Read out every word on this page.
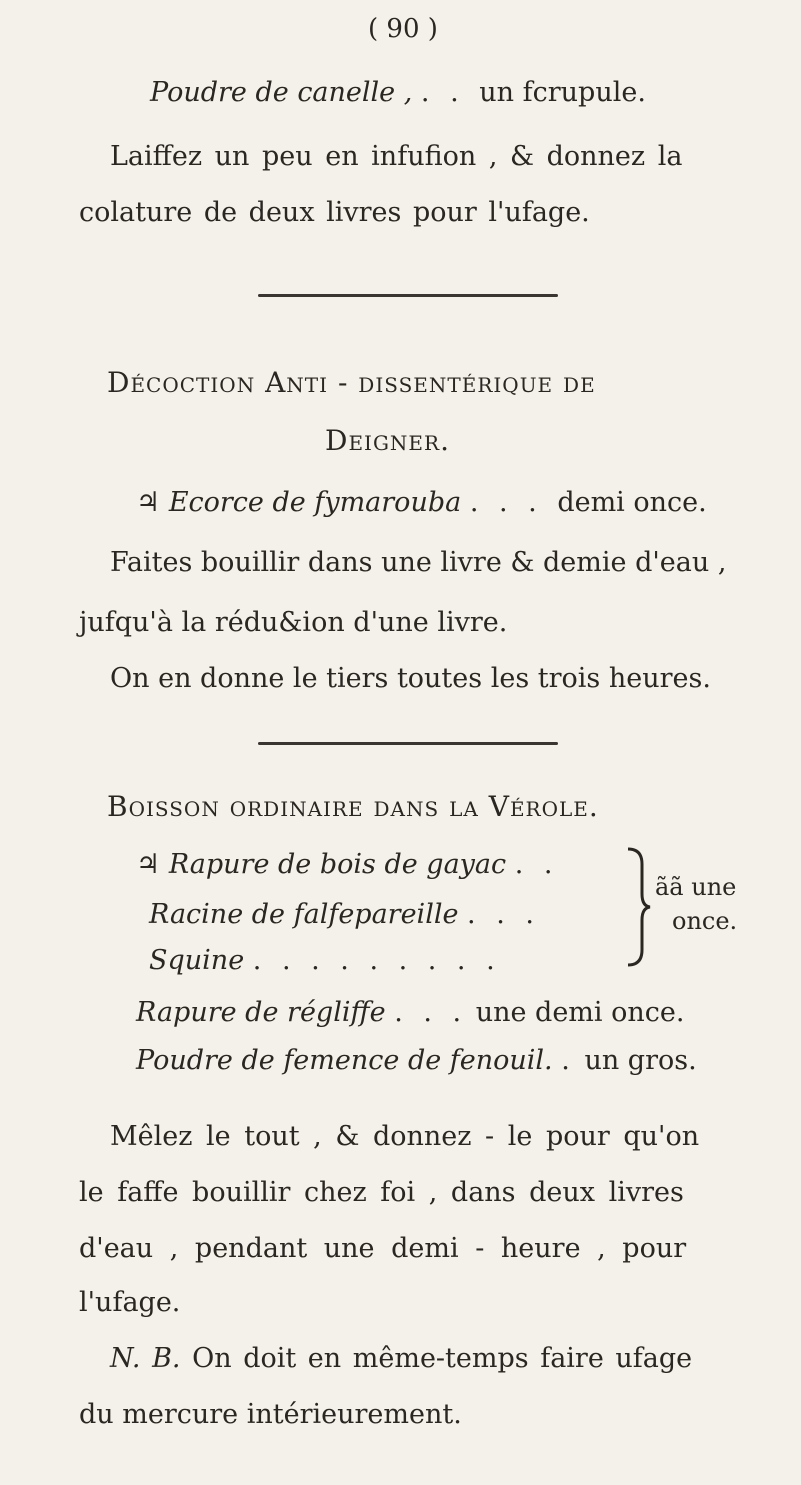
( 90 )
Poudre de canelle , . . un fcrupule.
Laiffez un peu en infufion , & donnez la
colature de deux livres pour l'ufage.
Décoction Anti - dissentérique de
Deigner.
♃ Ecorce de fymarouba . . . demi once.
Faites bouillir dans une livre & demie d'eau ,
jufqu'à la rédu&ion d'une livre.
On en donne le tiers toutes les trois heures.
Boisson ordinaire dans la Vérole.
♃ Rapure de bois de gayac . .
Racine de falfepareille . . .
Squine . . . . . . . . .
ãã une
once.
Rapure de régliffe . . . une demi once.
Poudre de femence de fenouil. . un gros.
Mêlez le tout , & donnez - le pour qu'on
le faffe bouillir chez foi , dans deux livres
d'eau , pendant une demi - heure , pour
l'ufage.
N. B. On doit en même-temps faire ufage
du mercure intérieurement.
